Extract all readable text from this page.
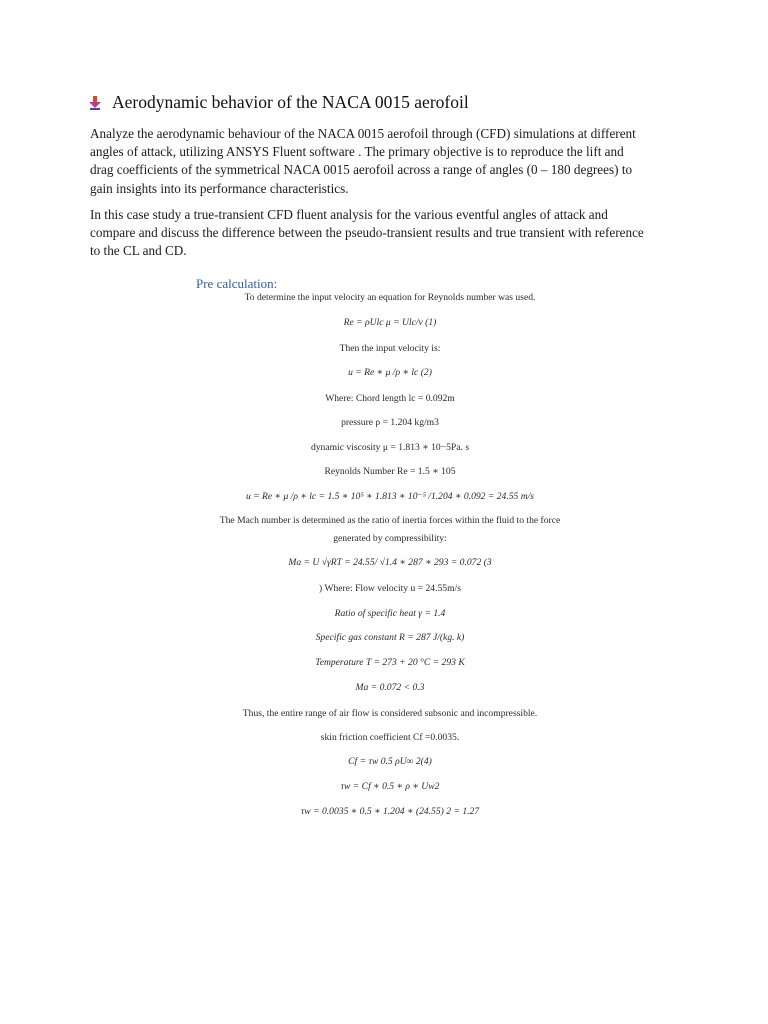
Aerodynamic behavior of the NACA 0015 aerofoil
Analyze the aerodynamic behaviour of the NACA 0015 aerofoil through (CFD) simulations at different
angles of attack, utilizing ANSYS Fluent software . The primary objective is to reproduce the lift and
drag coefficients of the symmetrical NACA 0015 aerofoil across a range of angles (0 – 180 degrees) to
gain insights into its performance characteristics.
In this case study a true-transient CFD fluent analysis for the various eventful angles of attack and
compare and discuss the difference between the pseudo-transient results and true transient with reference
to the CL and CD.
Pre calculation:
To determine the input velocity an equation for Reynolds number was used.
Re = ρUlc μ = Ulc/ν (1)
Then the input velocity is:
u = Re ∗ μ /ρ ∗ lc (2)
Where: Chord length lc = 0.092m
pressure ρ = 1.204 kg/m3
dynamic viscosity μ = 1.813 ∗ 10−5Pa. s
Reynolds Number Re = 1.5 ∗ 105
u = Re ∗ μ /ρ ∗ lc = 1.5 ∗ 10⁵ ∗ 1.813 ∗ 10⁻⁵ /1.204 ∗ 0.092 = 24.55 m/s
The Mach number is determined as the ratio of inertia forces within the fluid to the force
generated by compressibility:
Ma = U √γRT = 24.55/ √1.4 ∗ 287 ∗ 293 = 0.072 (3
) Where: Flow velocity u = 24.55m/s
Ratio of specific heat γ = 1.4
Specific gas constant R = 287 J/(kg. k)
Temperature T = 273 + 20 °C = 293 K
Ma = 0.072 < 0.3
Thus, the entire range of air flow is considered subsonic and incompressible.
skin friction coefficient Cf =0.0035.
Cf = τw 0.5 ρU∞ 2(4)
τw = Cf ∗ 0.5 ∗ ρ ∗ Uw2
τw = 0.0035 ∗ 0.5 ∗ 1.204 ∗ (24.55) 2 = 1.27
